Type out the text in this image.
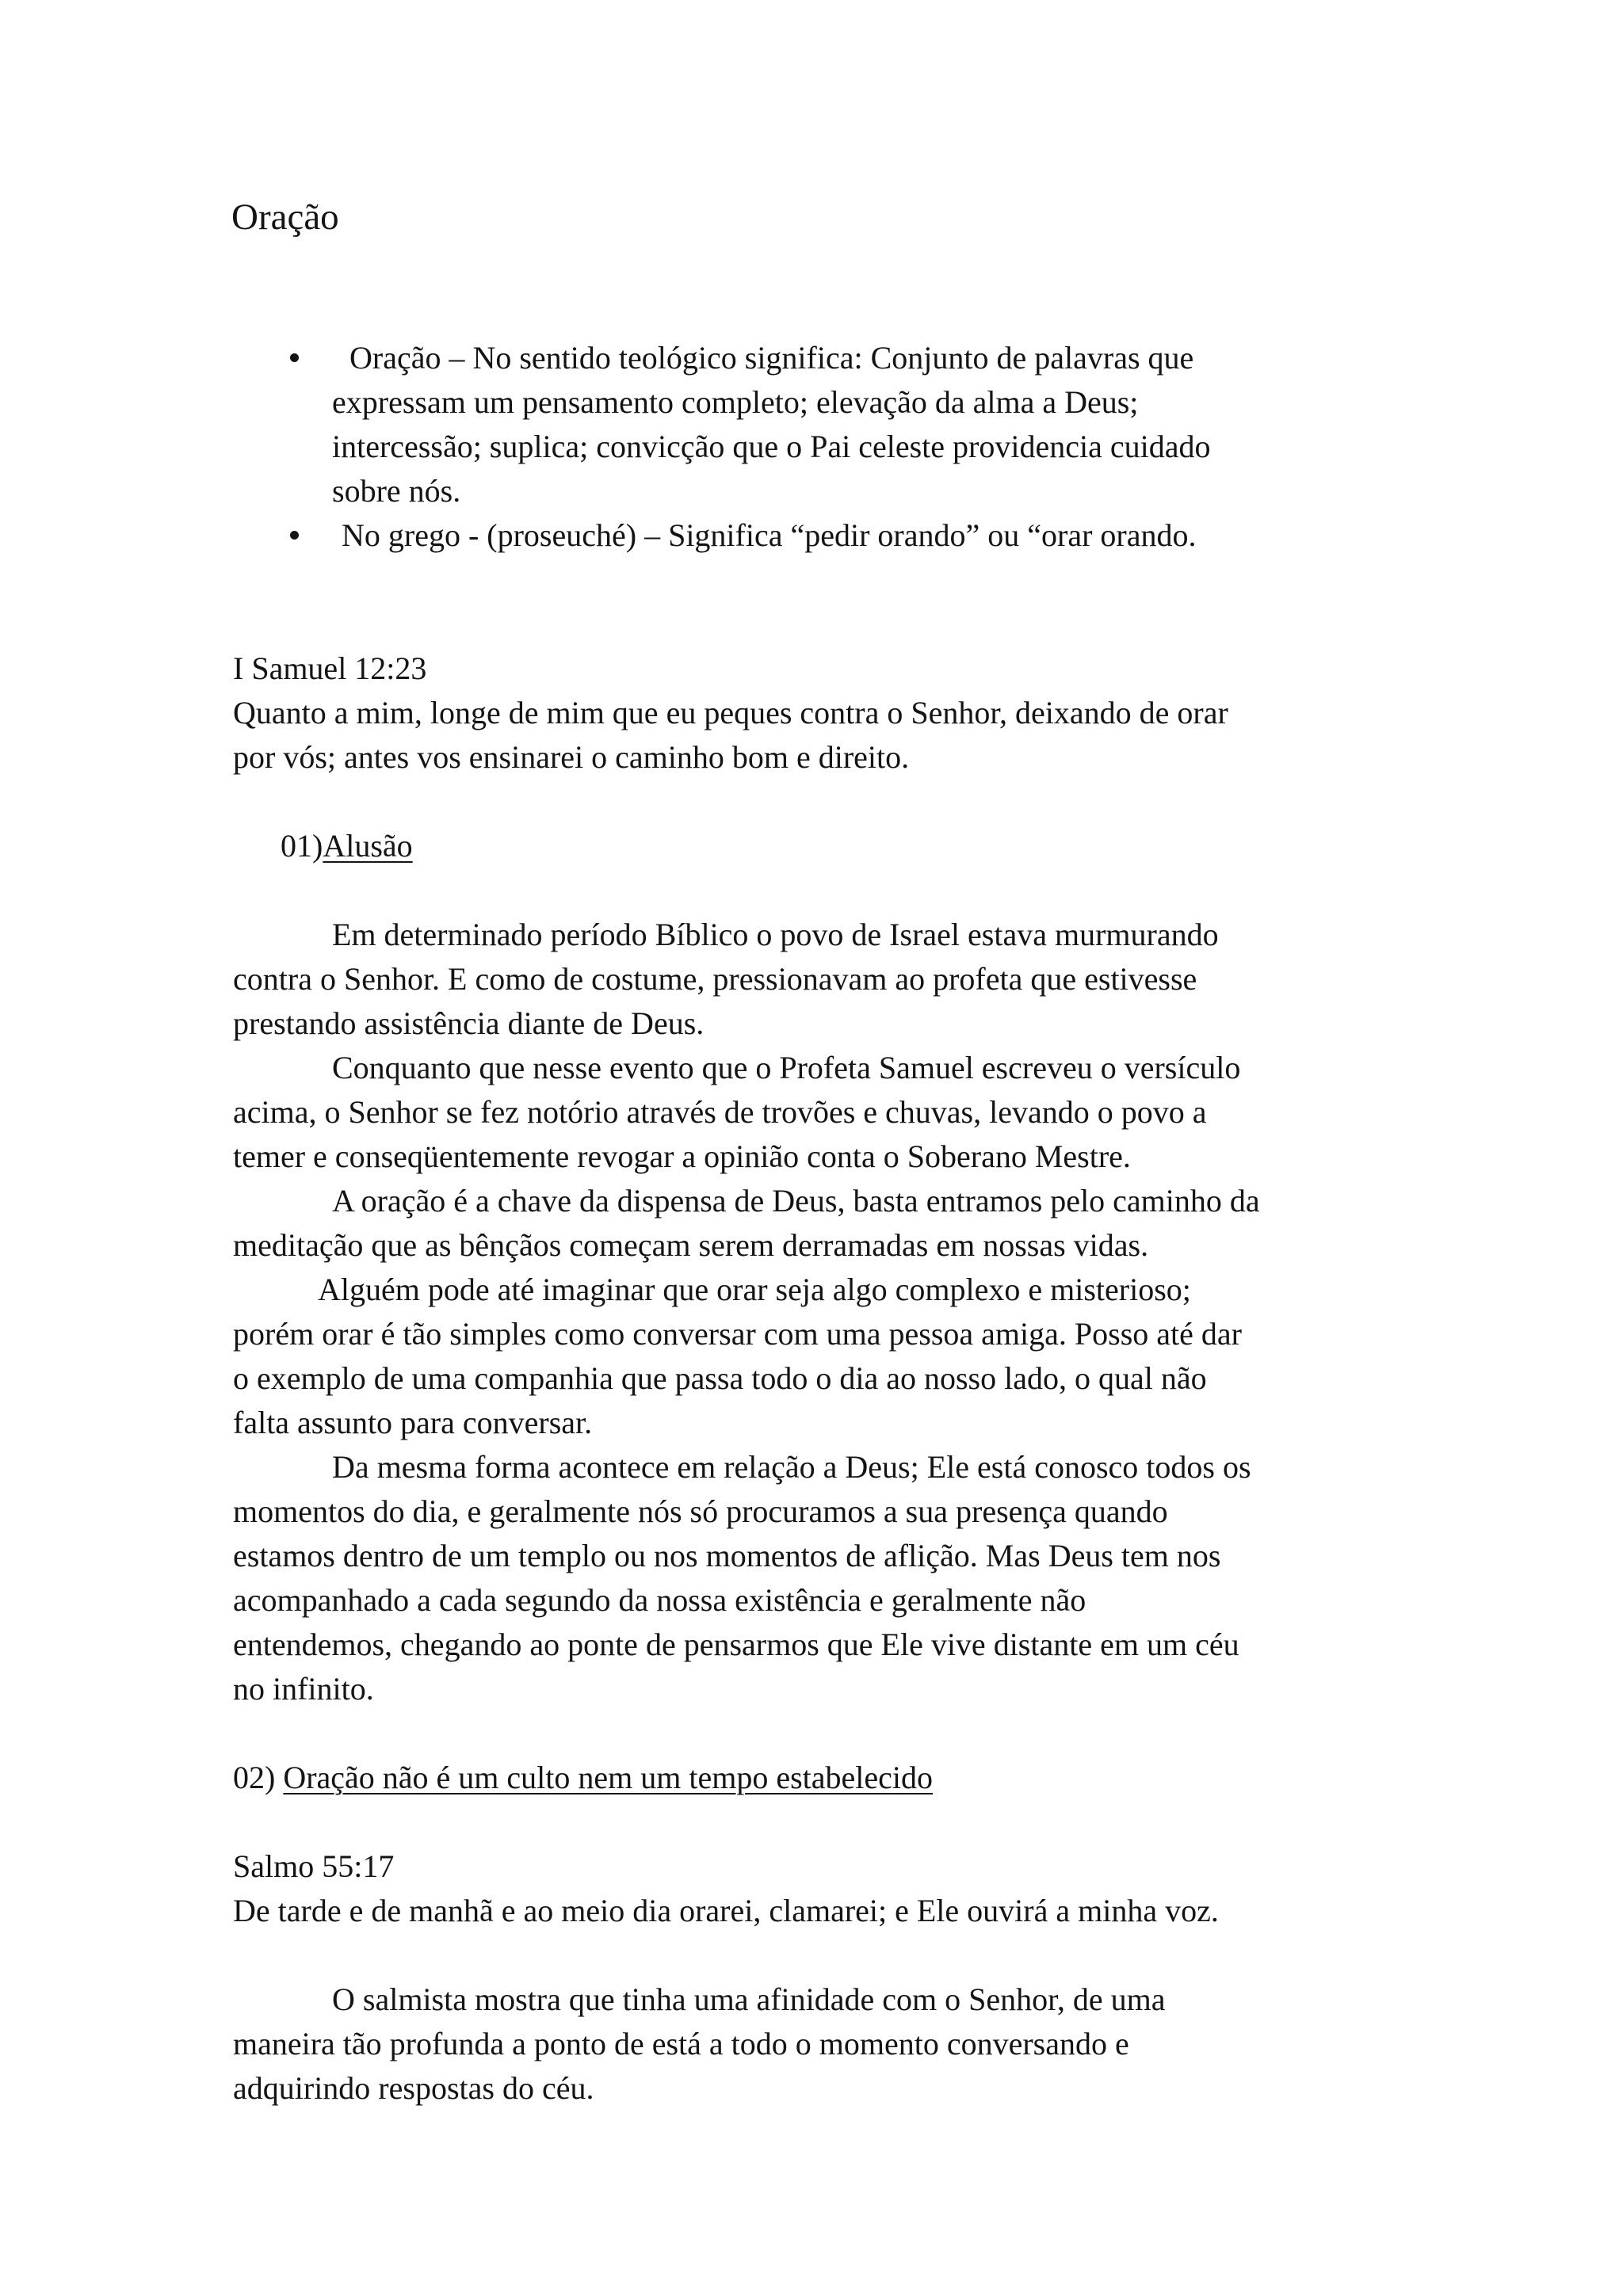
Oração
Oração – No sentido teológico significa: Conjunto de palavras que
expressam um pensamento completo; elevação da alma a Deus;
intercessão; suplica; convicção que o Pai celeste providencia cuidado
sobre nós.
No grego - (proseuché) – Significa “pedir orando” ou “orar orando.
I Samuel 12:23
Quanto a mim, longe de mim que eu peques contra o Senhor, deixando de orar
por vós; antes vos ensinarei o caminho bom e direito.
01)Alusão
Em determinado período Bíblico o povo de Israel estava murmurando
contra o Senhor. E como de costume, pressionavam ao profeta que estivesse
prestando assistência diante de Deus.
Conquanto que nesse evento que o Profeta Samuel escreveu o versículo
acima, o Senhor se fez notório através de trovões e chuvas, levando o povo a
temer e conseqüentemente revogar a opinião conta o Soberano Mestre.
A oração é a chave da dispensa de Deus, basta entramos pelo caminho da
meditação que as bênçãos começam serem derramadas em nossas vidas.
Alguém pode até imaginar que orar seja algo complexo e misterioso;
porém orar é tão simples como conversar com uma pessoa amiga. Posso até dar
o exemplo de uma companhia que passa todo o dia ao nosso lado, o qual não
falta assunto para conversar.
Da mesma forma acontece em relação a Deus; Ele está conosco todos os
momentos do dia, e geralmente nós só procuramos a sua presença quando
estamos dentro de um templo ou nos momentos de aflição. Mas Deus tem nos
acompanhado a cada segundo da nossa existência e geralmente não
entendemos, chegando ao ponte de pensarmos que Ele vive distante em um céu
no infinito.
02) Oração não é um culto nem um tempo estabelecido
Salmo 55:17
De tarde e de manhã e ao meio dia orarei, clamarei; e Ele ouvirá a minha voz.
O salmista mostra que tinha uma afinidade com o Senhor, de uma
maneira tão profunda a ponto de está a todo o momento conversando e
adquirindo respostas do céu.
